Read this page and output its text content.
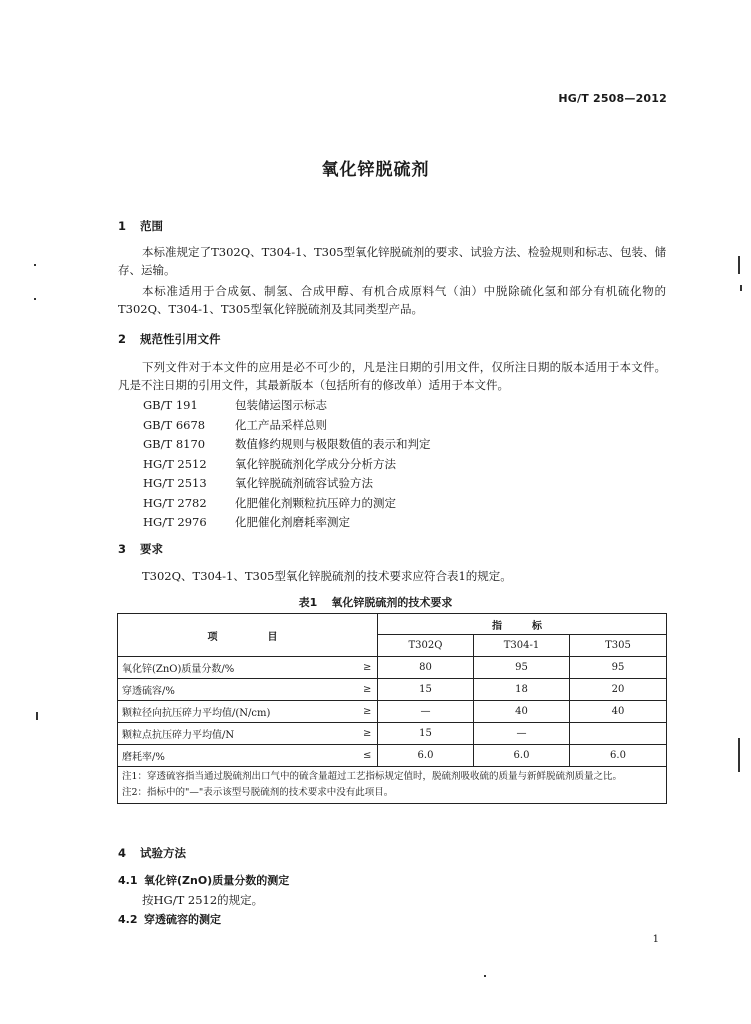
HG/T 2508—2012
氧化锌脱硫剂
1 范围
本标准规定了T302Q、T304-1、T305型氧化锌脱硫剂的要求、试验方法、检验规则和标志、包装、储存、运输。
本标准适用于合成氨、制氢、合成甲醇、有机合成原料气（油）中脱除硫化氢和部分有机硫化物的T302Q、T304-1、T305型氧化锌脱硫剂及其同类型产品。
2 规范性引用文件
下列文件对于本文件的应用是必不可少的，凡是注日期的引用文件，仅所注日期的版本适用于本文件。凡是不注日期的引用文件，其最新版本（包括所有的修改单）适用于本文件。
GB/T 191	包装储运图示标志
GB/T 6678	化工产品采样总则
GB/T 8170	数值修约规则与极限数值的表示和判定
HG/T 2512 氧化锌脱硫剂化学成分分析方法
HG/T 2513 氧化锌脱硫剂硫容试验方法
HG/T 2782 化肥催化剂颗粒抗压碎力的测定
HG/T 2976 化肥催化剂磨耗率测定
3 要求
T302Q、T304-1、T305型氧化锌脱硫剂的技术要求应符合表1的规定。
表1 氧化锌脱硫剂的技术要求
项　　目		指　标		
		T302Q	T304-1	T305
氧化锌(ZnO)质量分数/%	≥	80	95	95
穿透硫容/%	≥	15	18	20
颗粒径向抗压碎力平均值/(N/cm)	≥	—	40	40
颗粒点抗压碎力平均值/N	≥	15	—	
磨耗率/%	≤	6.0	6.0	6.0

注1：穿透硫容指当通过脱硫剂出口气中的硫含量超过工艺指标规定值时，脱硫剂吸收硫的质量与新鲜脱硫剂质量之比。
注2：指标中的"—"表示该型号脱硫剂的技术要求中没有此项目。				
4 试验方法
4.1 氧化锌(ZnO)质量分数的测定
按HG/T 2512的规定。
4.2 穿透硫容的测定
1
